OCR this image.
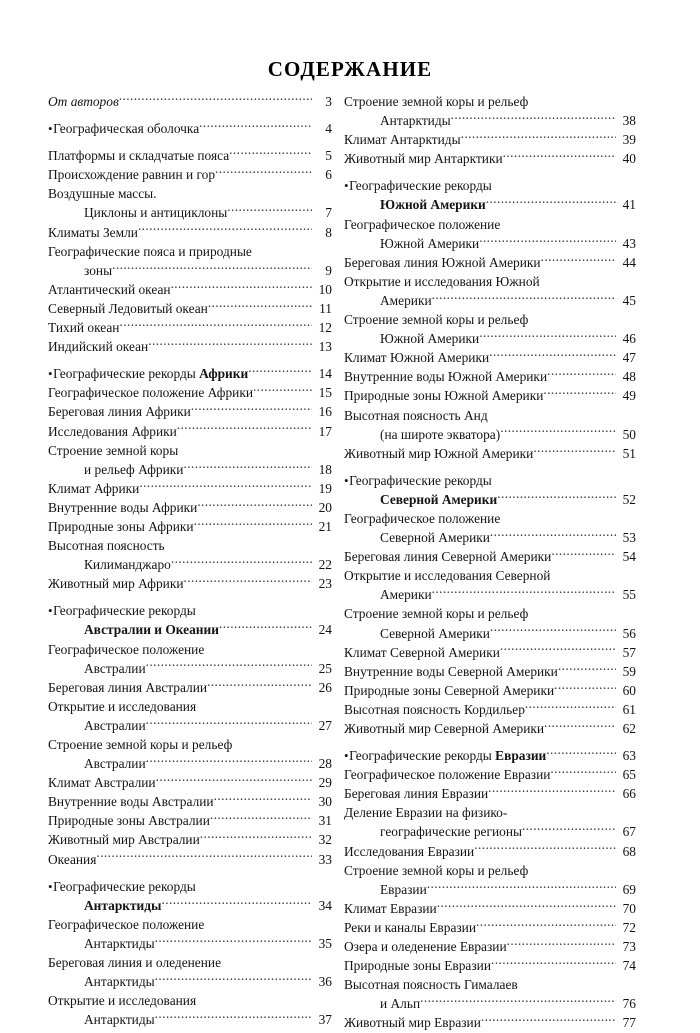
СОДЕРЖАНИЕ
От авторов .....	3
•Географическая оболочка .....	4
Платформы и складчатые пояса .....	5
Происхождение равнин и гор .....	6
Воздушные массы.
Циклоны и антициклоны .....	7
Климаты Земли .....	8
Географические пояса и природные
зоны .....	9
Атлантический океан .....	10
Северный Ледовитый океан .....	11
Тихий океан .....	12
Индийский океан .....	13
•Географические рекорды Африки .....	14
Географическое положение Африки .....	15
Береговая линия Африки .....	16
Исследования Африки .....	17
Строение земной коры
и рельеф Африки .....	18
Климат Африки .....	19
Внутренние воды Африки .....	20
Природные зоны Африки .....	21
Высотная поясность
Килиманджаро .....	22
Животный мир Африки .....	23
•Географические рекорды
Австралии и Океании .....	24
Географическое положение
Австралии .....	25
Береговая линия Австралии .....	26
Открытие и исследования
Австралии .....	27
Строение земной коры и рельеф
Австралии .....	28
Климат Австралии .....	29
Внутренние воды Австралии .....	30
Природные зоны Австралии .....	31
Животный мир Австралии .....	32
Океания .....	33
•Географические рекорды
Антарктиды .....	34
Географическое положение
Антарктиды .....	35
Береговая линия и оледенение
Антарктиды .....	36
Открытие и исследования
Антарктиды .....	37
Строение земной коры и рельеф
Антарктиды .....	38
Климат Антарктиды .....	39
Животный мир Антарктики .....	40
•Географические рекорды
Южной Америки .....	41
Географическое положение
Южной Америки .....	43
Береговая линия Южной Америки .....	44
Открытие и исследования Южной
Америки .....	45
Строение земной коры и рельеф
Южной Америки .....	46
Климат Южной Америки .....	47
Внутренние воды Южной Америки .....	48
Природные зоны Южной Америки .....	49
Высотная поясность Анд
(на широте экватора) .....	50
Животный мир Южной Америки .....	51
•Географические рекорды
Северной Америки .....	52
Географическое положение
Северной Америки .....	53
Береговая линия Северной Америки .....	54
Открытие и исследования Северной
Америки .....	55
Строение земной коры и рельеф
Северной Америки .....	56
Климат Северной Америки .....	57
Внутренние воды Северной Америки .....	59
Природные зоны Северной Америки .....	60
Высотная поясность Кордильер .....	61
Животный мир Северной Америки .....	62
•Географические рекорды Евразии .....	63
Географическое положение Евразии .....	65
Береговая линия Евразии .....	66
Деление Евразии на физико-
географические регионы .....	67
Исследования Евразии .....	68
Строение земной коры и рельеф
Евразии .....	69
Климат Евразии .....	70
Реки и каналы Евразии .....	72
Озера и оледенение Евразии .....	73
Природные зоны Евразии .....	74
Высотная поясность Гималаев
и Альп .....	76
Животный мир Евразии .....	77
